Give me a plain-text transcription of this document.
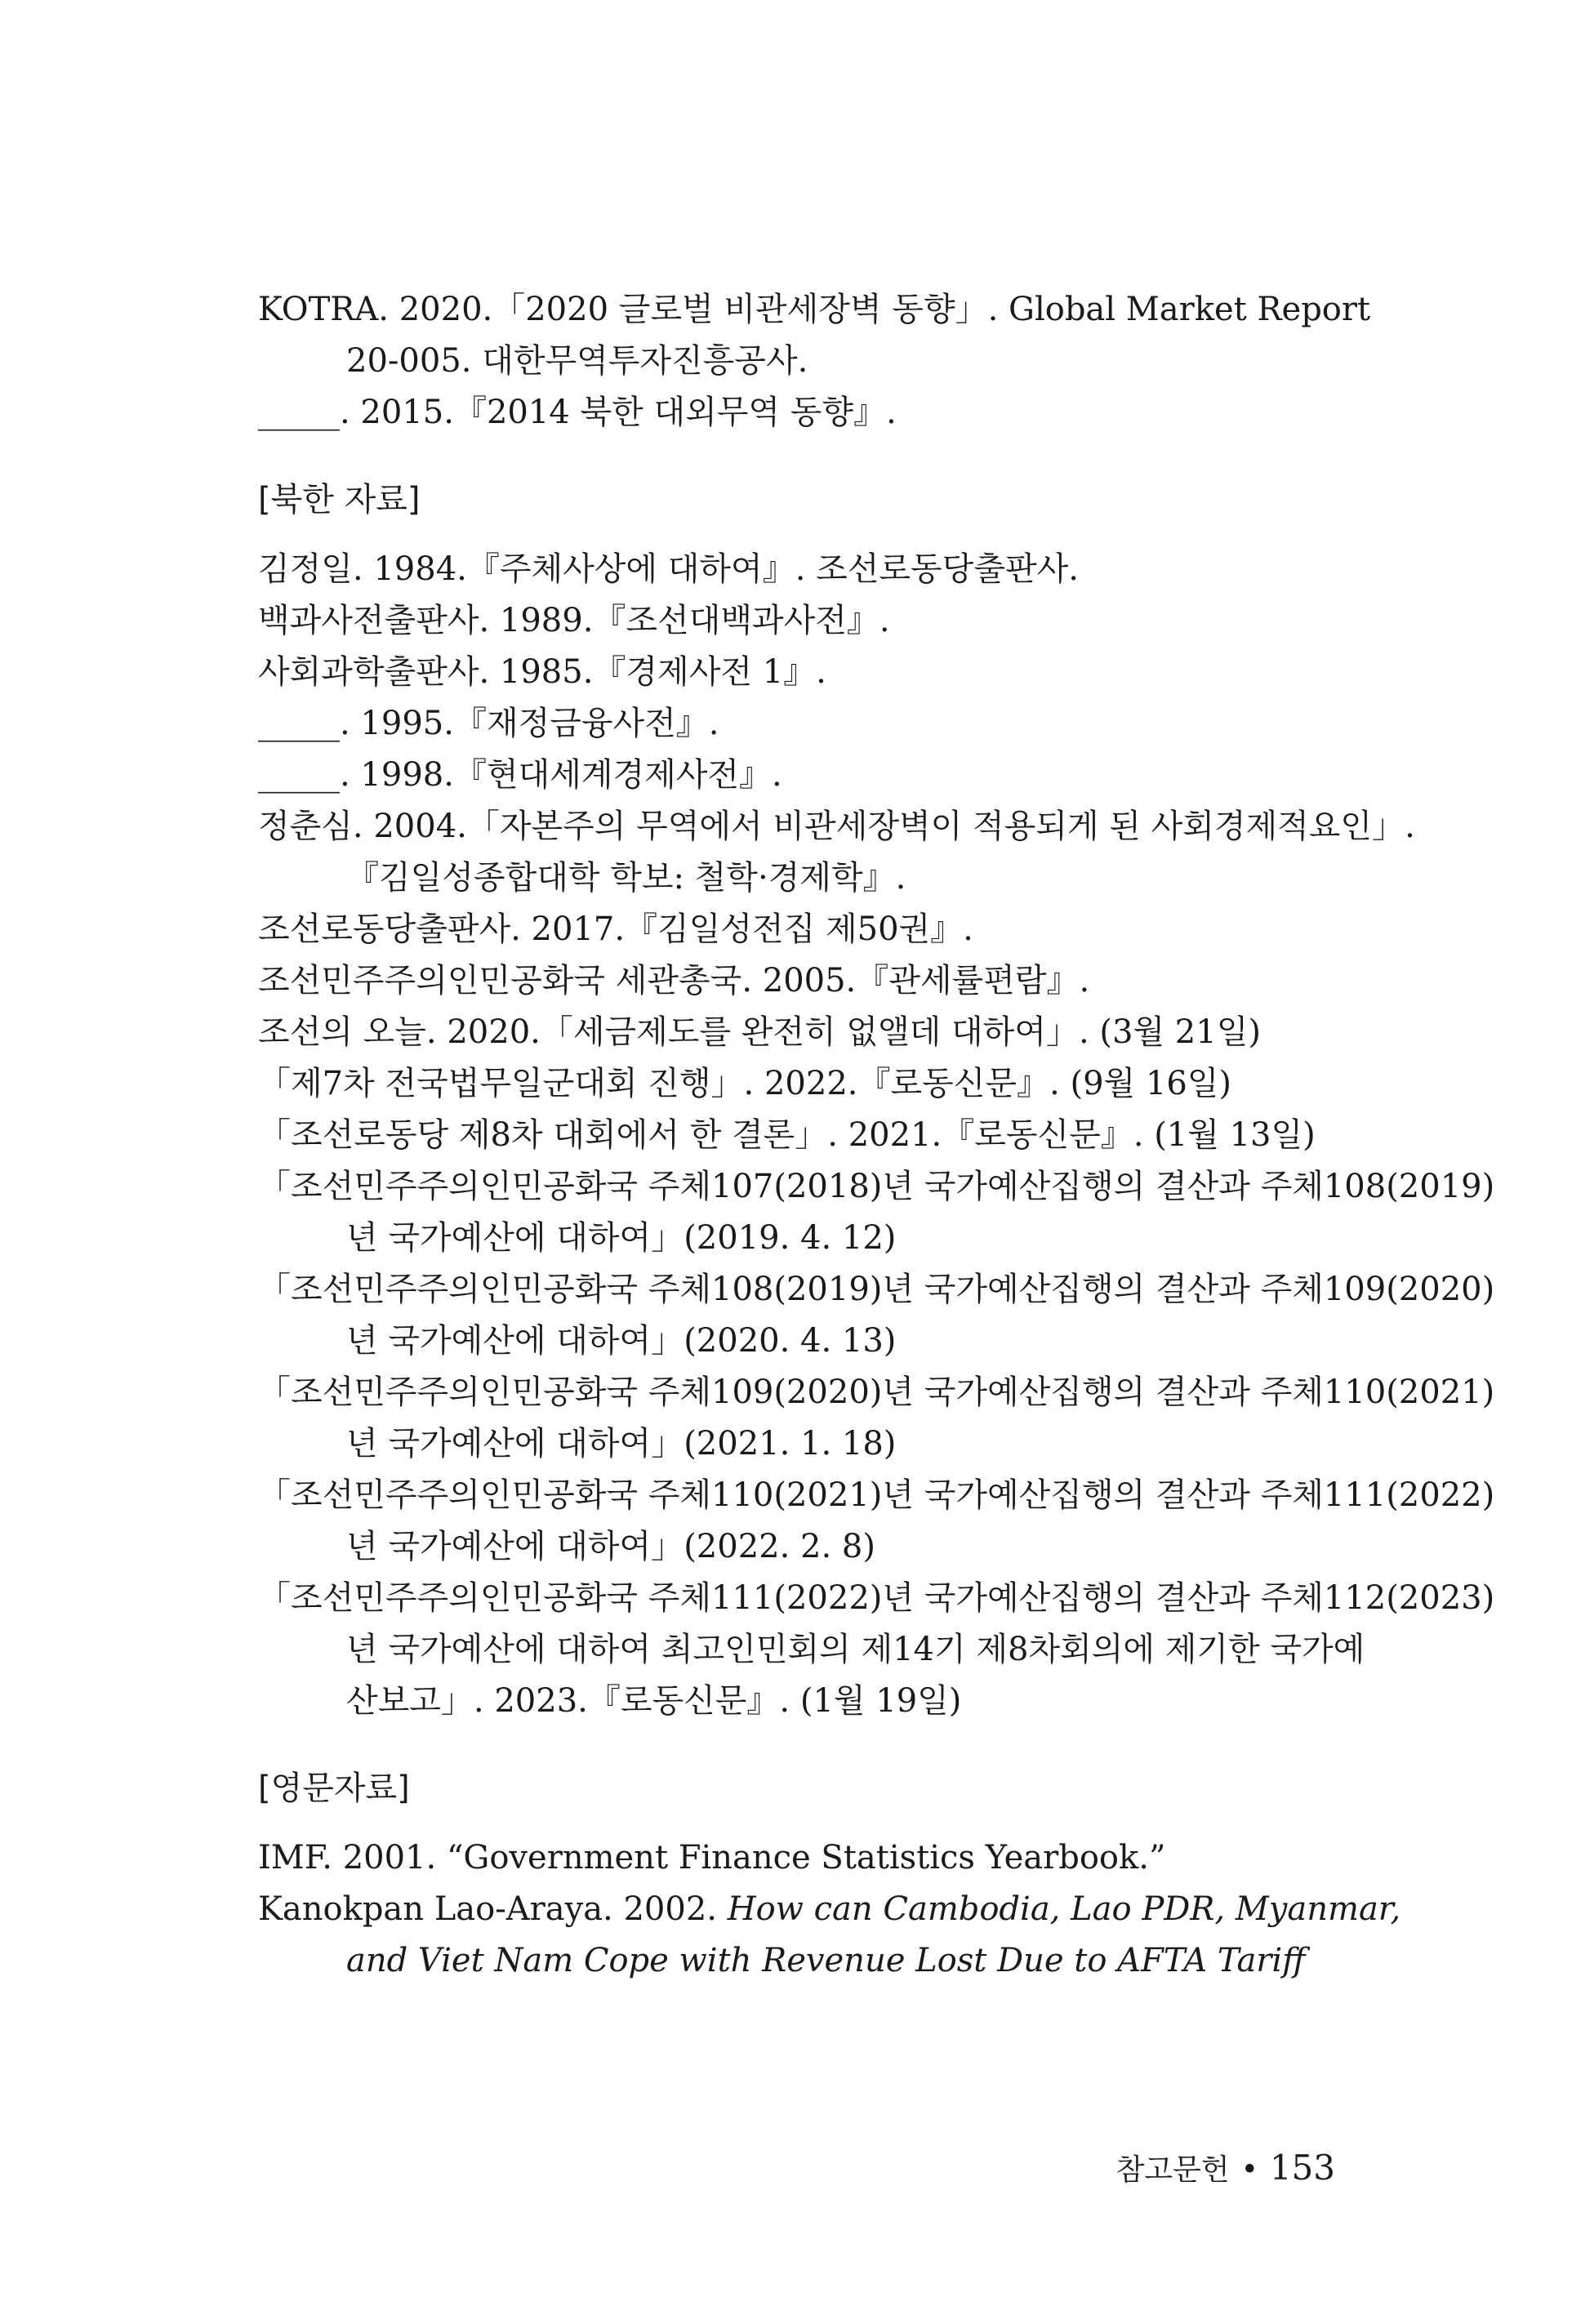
KOTRA. 2020.「2020 글로벌 비관세장벽 동향」. Global Market Report
20-005. 대한무역투자진흥공사.
_____. 2015.『2014 북한 대외무역 동향』.
[북한 자료]
김정일. 1984.『주체사상에 대하여』. 조선로동당출판사.
백과사전출판사. 1989.『조선대백과사전』.
사회과학출판사. 1985.『경제사전 1』.
_____. 1995.『재정금융사전』.
_____. 1998.『현대세계경제사전』.
정춘심. 2004.「자본주의 무역에서 비관세장벽이 적용되게 된 사회경제적요인」.
『김일성종합대학 학보: 철학·경제학』.
조선로동당출판사. 2017.『김일성전집 제50권』.
조선민주주의인민공화국 세관총국. 2005.『관세률편람』.
조선의 오늘. 2020.「세금제도를 완전히 없앨데 대하여」. (3월 21일)
「제7차 전국법무일군대회 진행」. 2022.『로동신문』. (9월 16일)
「조선로동당 제8차 대회에서 한 결론」. 2021.『로동신문』. (1월 13일)
「조선민주주의인민공화국 주체107(2018)년 국가예산집행의 결산과 주체108(2019)
년 국가예산에 대하여」(2019. 4. 12)
「조선민주주의인민공화국 주체108(2019)년 국가예산집행의 결산과 주체109(2020)
년 국가예산에 대하여」(2020. 4. 13)
「조선민주주의인민공화국 주체109(2020)년 국가예산집행의 결산과 주체110(2021)
년 국가예산에 대하여」(2021. 1. 18)
「조선민주주의인민공화국 주체110(2021)년 국가예산집행의 결산과 주체111(2022)
년 국가예산에 대하여」(2022. 2. 8)
「조선민주주의인민공화국 주체111(2022)년 국가예산집행의 결산과 주체112(2023)
년 국가예산에 대하여 최고인민회의 제14기 제8차회의에 제기한 국가예
산보고」. 2023.『로동신문』. (1월 19일)
[영문자료]
IMF. 2001. “Government Finance Statistics Yearbook.”
Kanokpan Lao-Araya. 2002. How can Cambodia, Lao PDR, Myanmar,
and Viet Nam Cope with Revenue Lost Due to AFTA Tariff
참고문헌 • 153
